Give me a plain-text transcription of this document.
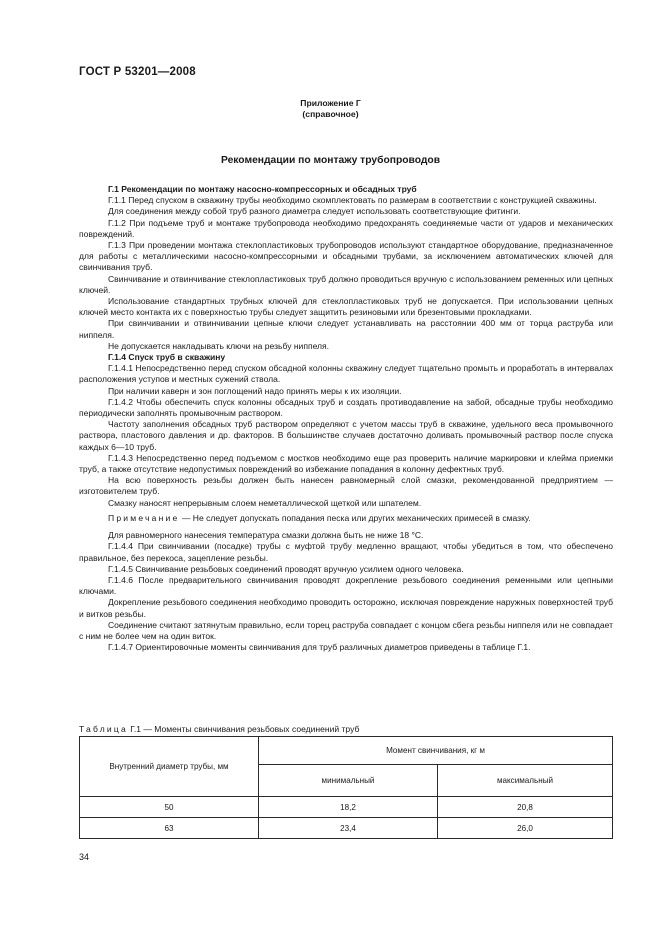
ГОСТ Р 53201—2008
Приложение Г
(справочное)
Рекомендации по монтажу трубопроводов

Г.1 Рекомендации по монтажу насосно-компрессорных и обсадных труб

Г.1.1 Перед спуском в скважину трубы необходимо скомплектовать по размерам в соответствии с конструкцией скважины.

Для соединения между собой труб разного диаметра следует использовать соответствующие фитинги.

Г.1.2 При подъеме труб и монтаже трубопровода необходимо предохранять соединяемые части от ударов и механических повреждений.

Г.1.3 При проведении монтажа стеклопластиковых трубопроводов используют стандартное оборудование, предназначенное для работы с металлическими насосно-компрессорными и обсадными трубами, за исключением автоматических ключей для свинчивания труб.

Свинчивание и отвинчивание стеклопластиковых труб должно проводиться вручную с использованием ременных или цепных ключей.

Использование стандартных трубных ключей для стеклопластиковых труб не допускается. При использовании цепных ключей место контакта их с поверхностью трубы следует защитить резиновыми или брезентовыми прокладками.

При свинчивании и отвинчивании цепные ключи следует устанавливать на расстоянии 400 мм от торца раструба или ниппеля.

Не допускается накладывать ключи на резьбу ниппеля.

Г.1.4 Спуск труб в скважину

Г.1.4.1 Непосредственно перед спуском обсадной колонны скважину следует тщательно промыть и проработать в интервалах расположения уступов и местных сужений ствола.

При наличии каверн и зон поглощений надо принять меры к их изоляции.

Г.1.4.2 Чтобы обеспечить спуск колонны обсадных труб и создать противодавление на забой, обсадные трубы необходимо периодически заполнять промывочным раствором.

Частоту заполнения обсадных труб раствором определяют с учетом массы труб в скважине, удельного веса промывочного раствора, пластового давления и др. факторов. В большинстве случаев достаточно доливать промывочный раствор после спуска каждых 6—10 труб.

Г.1.4.3 Непосредственно перед подъемом с мостков необходимо еще раз проверить наличие маркировки и клейма приемки труб, а также отсутствие недопустимых повреждений во избежание попадания в колонну дефектных труб.

На всю поверхность резьбы должен быть нанесен равномерный слой смазки, рекомендованной предприятием — изготовителем труб.

Смазку наносят непрерывным слоем неметаллической щеткой или шпателем.

Примечание — Не следует допускать попадания песка или других механических примесей в смазку.

Для равномерного нанесения температура смазки должна быть не ниже 18 °С.

Г.1.4.4 При свинчивании (посадке) трубы с муфтой трубу медленно вращают, чтобы убедиться в том, что обеспечено правильное, без перекоса, зацепление резьбы.

Г.1.4.5 Свинчивание резьбовых соединений проводят вручную усилием одного человека.

Г.1.4.6 После предварительного свинчивания проводят докрепление резьбового соединения ременными или цепными ключами.

Докрепление резьбового соединения необходимо проводить осторожно, исключая повреждение наружных поверхностей труб и витков резьбы.

Соединение считают затянутым правильно, если торец раструба совпадает с концом сбега резьбы ниппеля или не совпадает с ним не более чем на один виток.

Г.1.4.7 Ориентировочные моменты свинчивания для труб различных диаметров приведены в таблице Г.1.

Таблица Г.1 — Моменты свинчивания резьбовых соединений труб
Внутренний диаметр трубы, мм	Момент свинчивания, кг м	
	минимальный	максимальный
50	18,2	20,8
63	23,4	26,0
34
